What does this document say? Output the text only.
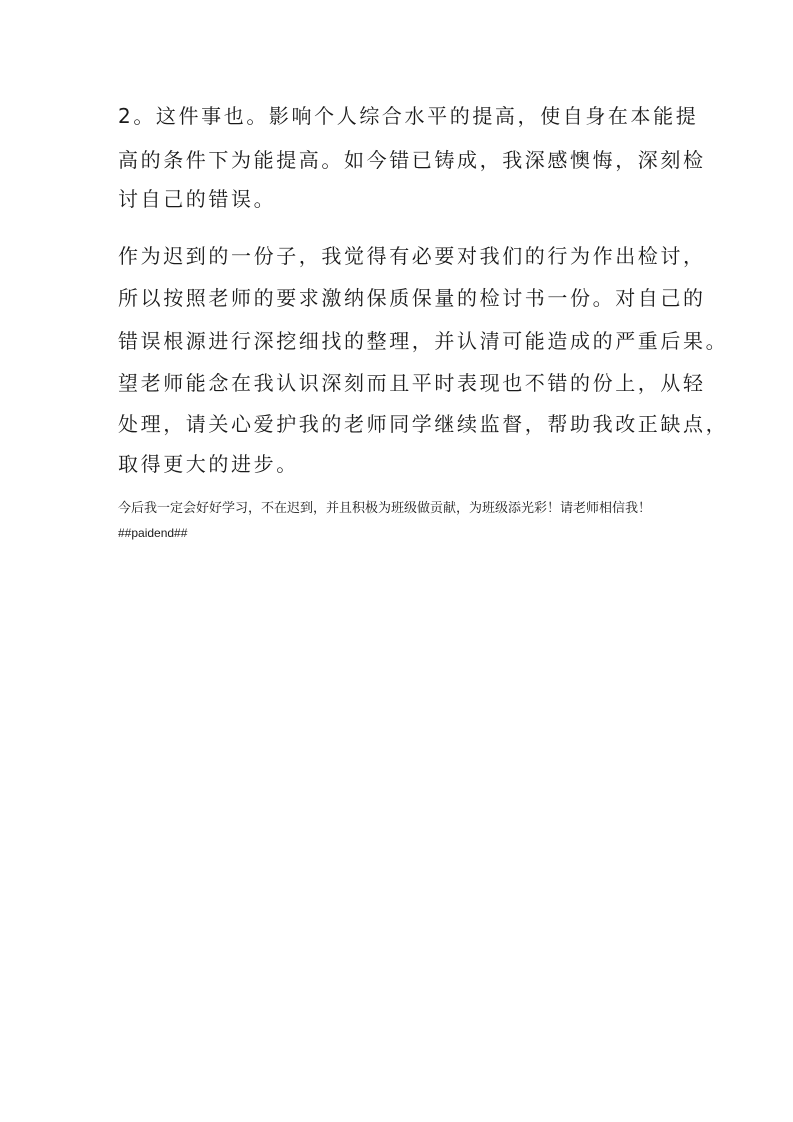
2。这件事也。影响个人综合水平的提高，使自身在本能提
高的条件下为能提高。如今错已铸成，我深感懊悔，深刻检
讨自己的错误。
作为迟到的一份子，我觉得有必要对我们的行为作出检讨，
所以按照老师的要求激纳保质保量的检讨书一份。对自己的
错误根源进行深挖细找的整理，并认清可能造成的严重后果。
望老师能念在我认识深刻而且平时表现也不错的份上，从轻
处理，请关心爱护我的老师同学继续监督，帮助我改正缺点，
取得更大的进步。
今后我一定会好好学习，不在迟到，并且积极为班级做贡献，为班级添光彩！请老师相信我！
##paidend##
